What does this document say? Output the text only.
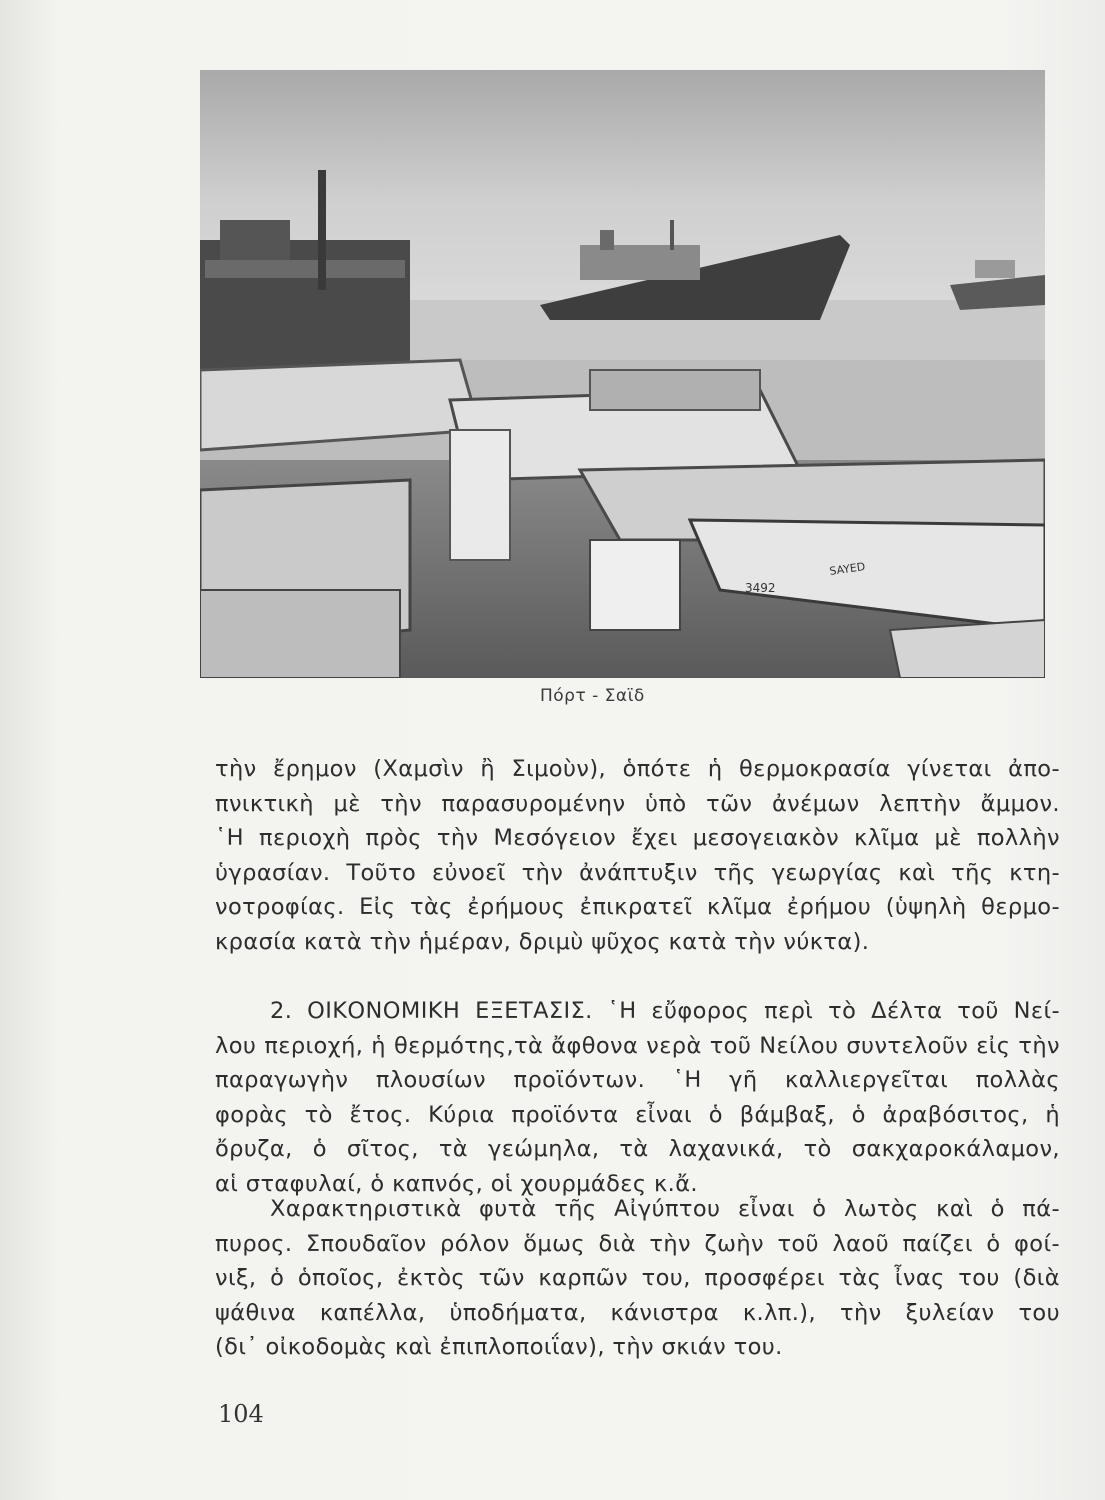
3492
SAYED
Πόρτ - Σαϊδ
τὴν ἔρημον (Χαμσὶν ἢ Σιμοὺν), ὁπότε ἡ θερμοκρασία γίνεται ἀπο-
πνικτικὴ μὲ τὴν παρασυρομένην ὑπὸ τῶν ἀνέμων λεπτὴν ἄμμον.
῾Η περιοχὴ πρὸς τὴν Μεσόγειον ἔχει μεσογειακὸν κλῖμα μὲ πολλὴν
ὑγρασίαν. Τοῦτο εὐνοεῖ τὴν ἀνάπτυξιν τῆς γεωργίας καὶ τῆς κτη-
νοτροφίας. Εἰς τὰς ἐρήμους ἐπικρατεῖ κλῖμα ἐρήμου (ὑψηλὴ θερμο-
κρασία κατὰ τὴν ἡμέραν, δριμὺ ψῦχος κατὰ τὴν νύκτα).
2. ΟΙΚΟΝΟΜΙΚΗ ΕΞΕΤΑΣΙΣ. ῾Η εὔφορος περὶ τὸ Δέλτα τοῦ Νεί-
λου περιοχή, ἡ θερμότης,τὰ ἄφθονα νερὰ τοῦ Νείλου συντελοῦν εἰς τὴν
παραγωγὴν πλουσίων προϊόντων. ῾Η γῆ καλλιεργεῖται πολλὰς
φορὰς τὸ ἔτος. Κύρια προϊόντα εἶναι ὁ βάμβαξ, ὁ ἀραβόσιτος, ἡ
ὄρυζα, ὁ σῖτος, τὰ γεώμηλα, τὰ λαχανικά, τὸ σακχαροκάλαμον,
αἱ σταφυλαί, ὁ καπνός, οἱ χουρμάδες κ.ἄ.
Χαρακτηριστικὰ φυτὰ τῆς Αἰγύπτου εἶναι ὁ λωτὸς καὶ ὁ πά-
πυρος. Σπουδαῖον ρόλον ὅμως διὰ τὴν ζωὴν τοῦ λαοῦ παίζει ὁ φοί-
νιξ, ὁ ὁποῖος, ἐκτὸς τῶν καρπῶν του, προσφέρει τὰς ἶνας του (διὰ
ψάθινα καπέλλα, ὑποδήματα, κάνιστρα κ.λπ.), τὴν ξυλείαν του
(δι᾽ οἰκοδομὰς καὶ ἐπιπλοποιΐαν), τὴν σκιάν του.
104
